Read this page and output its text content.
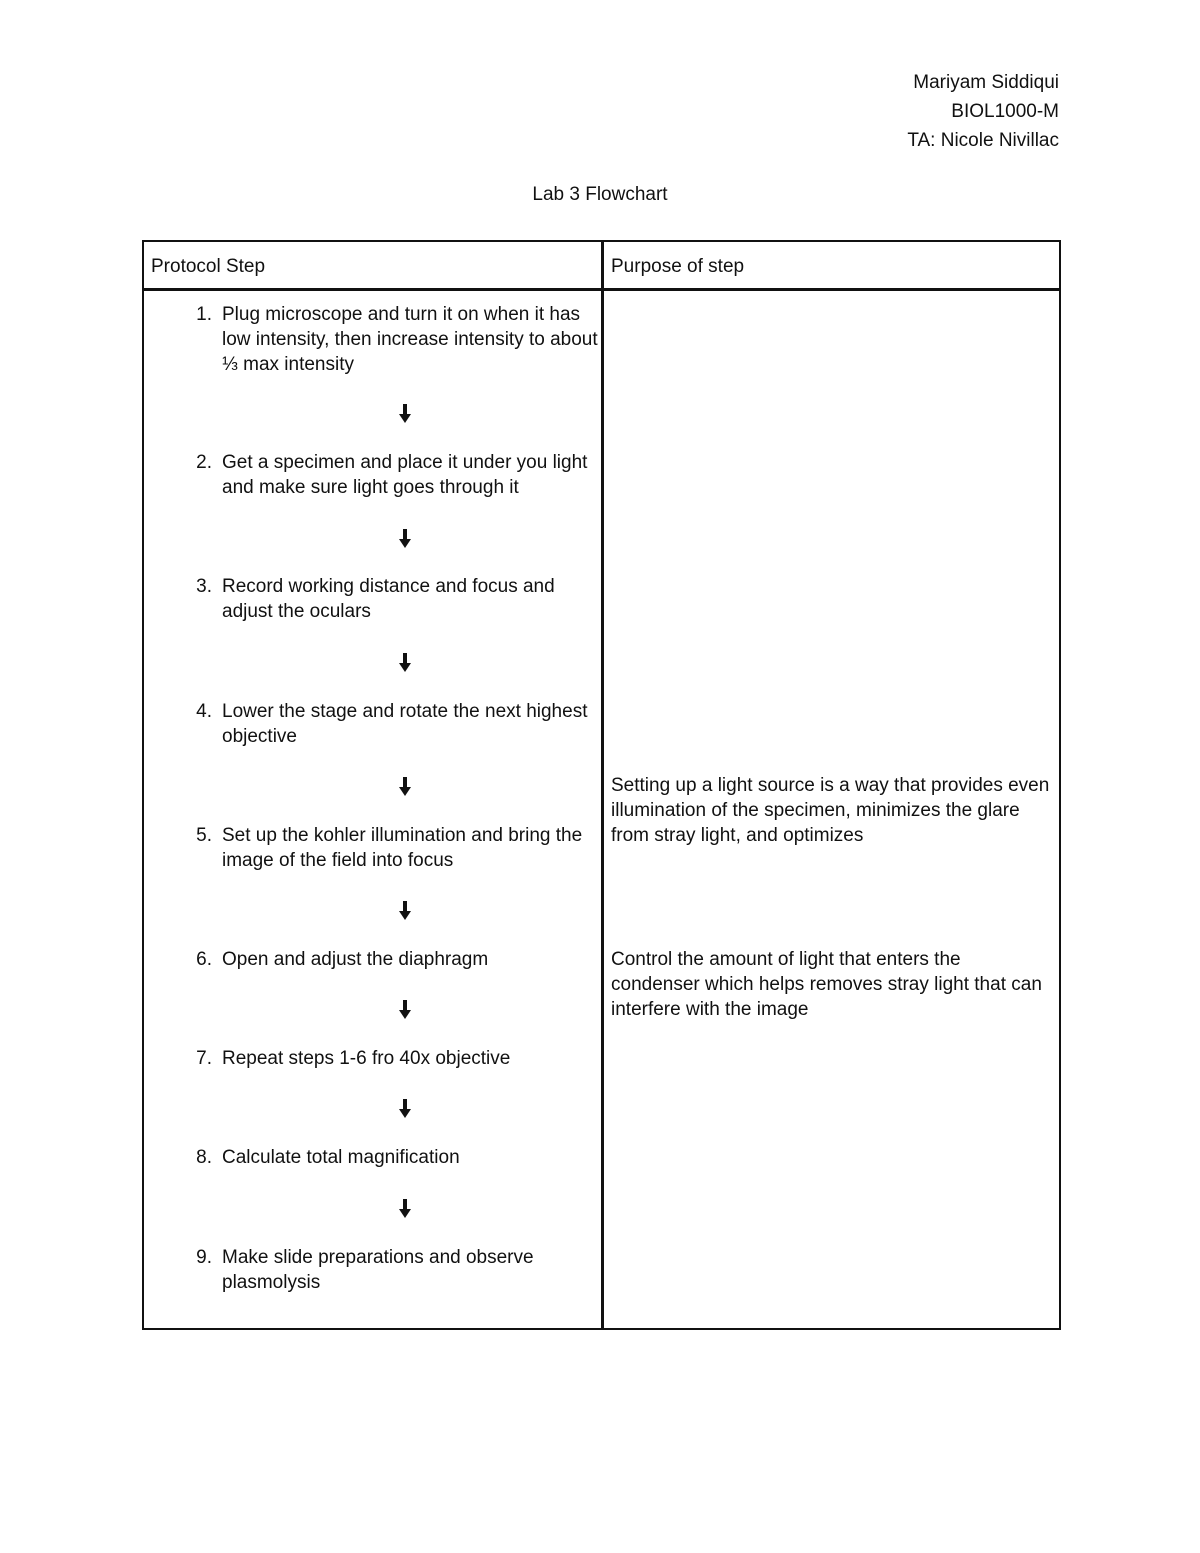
Mariyam Siddiqui
BIOL1000-M
TA: Nicole Nivillac
Lab 3 Flowchart
Protocol Step	Purpose of step
1. Plug microscope and turn it on when it has low intensity, then increase intensity to about ⅓ max intensity
2. Get a specimen and place it under you light and make sure light goes through it
3. Record working distance and focus and adjust the oculars
4. Lower the stage and rotate the next highest objective
5. Set up the kohler illumination and bring the image of the field into focus
Setting up a light source is a way that provides even illumination of the specimen, minimizes the glare from stray light, and optimizes
6. Open and adjust the diaphragm	Control the amount of light that enters the condenser which helps removes stray light that can interfere with the image
7. Repeat steps 1-6 fro 40x objective
8. Calculate total magnification
9. Make slide preparations and observe plasmolysis
